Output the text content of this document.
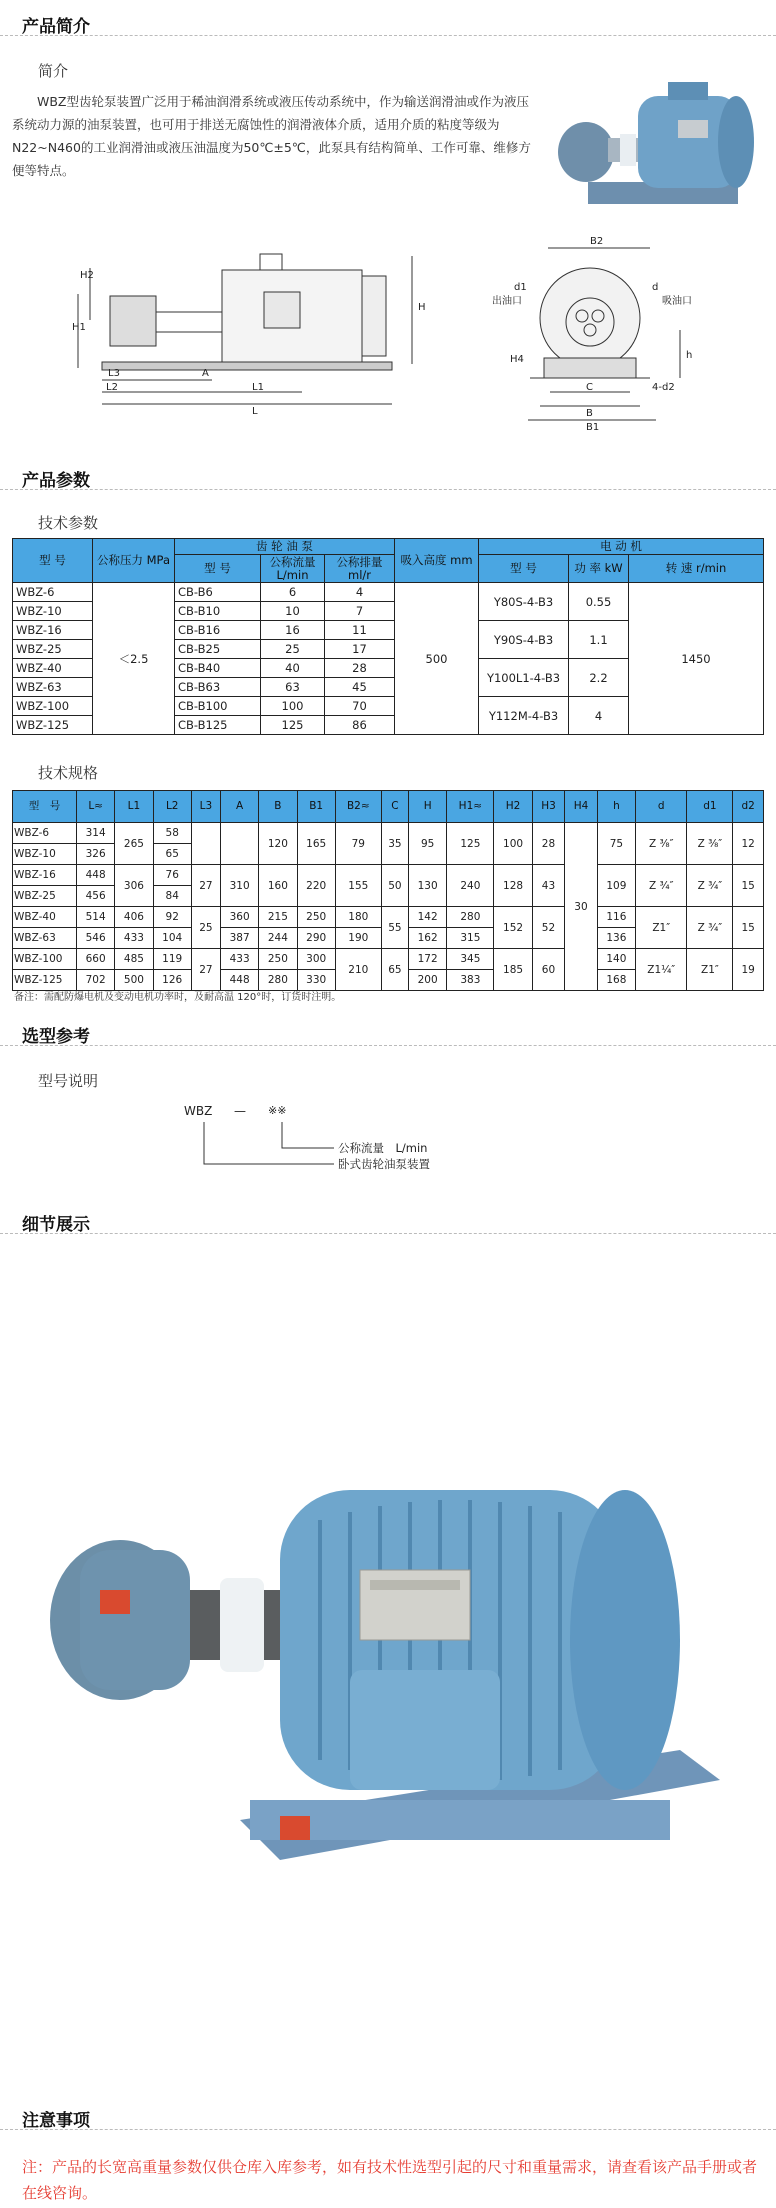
产品简介
简介
WBZ型齿轮泵装置广泛用于稀油润滑系统或液压传动系统中，作为输送润滑油或作为液压系统动力源的油泵装置，也可用于排送无腐蚀性的润滑液体介质，适用介质的粘度等级为N22~N460的工业润滑油或液压油温度为50℃±5℃，此泵具有结构简单、工作可靠、维修方便等特点。
H2
H1
H
A
L3
L2	L1
L
B2
d1
出油口
d
吸油口
H4	h
4-d2
C
B
B1
产品参数
技术参数
型 号	公称压力 MPa	齿 轮 油 泵			吸入高度 mm	电 动 机		
		型 号	公称流量 L/min	公称排量 ml/r		型 号	功 率 kW	转 速 r/min
WBZ-6	＜2.5	CB-B6	6	4	500	Y80S-4-B3	0.55	1450
WBZ-10		CB-B10	10	7				
WBZ-16		CB-B16	16	11		Y90S-4-B3	1.1	
WBZ-25		CB-B25	25	17				
WBZ-40		CB-B40	40	28		Y100L1-4-B3	2.2	
WBZ-63		CB-B63	63	45				
WBZ-100		CB-B100	100	70		Y112M-4-B3	4	
WBZ-125		CB-B125	125	86				
技术规格
型　号	L≈	L1	L2	L3	A	B	B1	B2≈	C	H	H1≈	H2	H3	H4	h	d	d1	d2
WBZ-6	314	265	58			120	165	79	35	95	125	100	28	30	75	Z ³⁄₈″	Z ³⁄₈″	12
WBZ-10	326		65															
WBZ-16	448	306	76	27	310	160	220	155	50	130	240	128	43		109	Z ³⁄₄″	Z ³⁄₄″	15
WBZ-25	456		84															
WBZ-40	514	406	92	25	360	215	250	180	55	142	280	152	52		116	Z1″	Z ³⁄₄″	15
WBZ-63	546	433	104		387	244	290	190		162	315				136			
WBZ-100	660	485	119	27	433	250	300	210	65	172	345	185	60		140	Z1¹⁄₄″	Z1″	19
WBZ-125	702	500	126		448	280	330			200	383				168			
备注：需配防爆电机及变动电机功率时，及耐高温 120°时，订货时注明。
选型参考
型号说明
WBZ — ※※
公称流量　L/min
卧式齿轮油泵装置
细节展示
注意事项
注：产品的长宽高重量参数仅供仓库入库参考，如有技术性选型引起的尺寸和重量需求，请查看该产品手册或者在线咨询。
